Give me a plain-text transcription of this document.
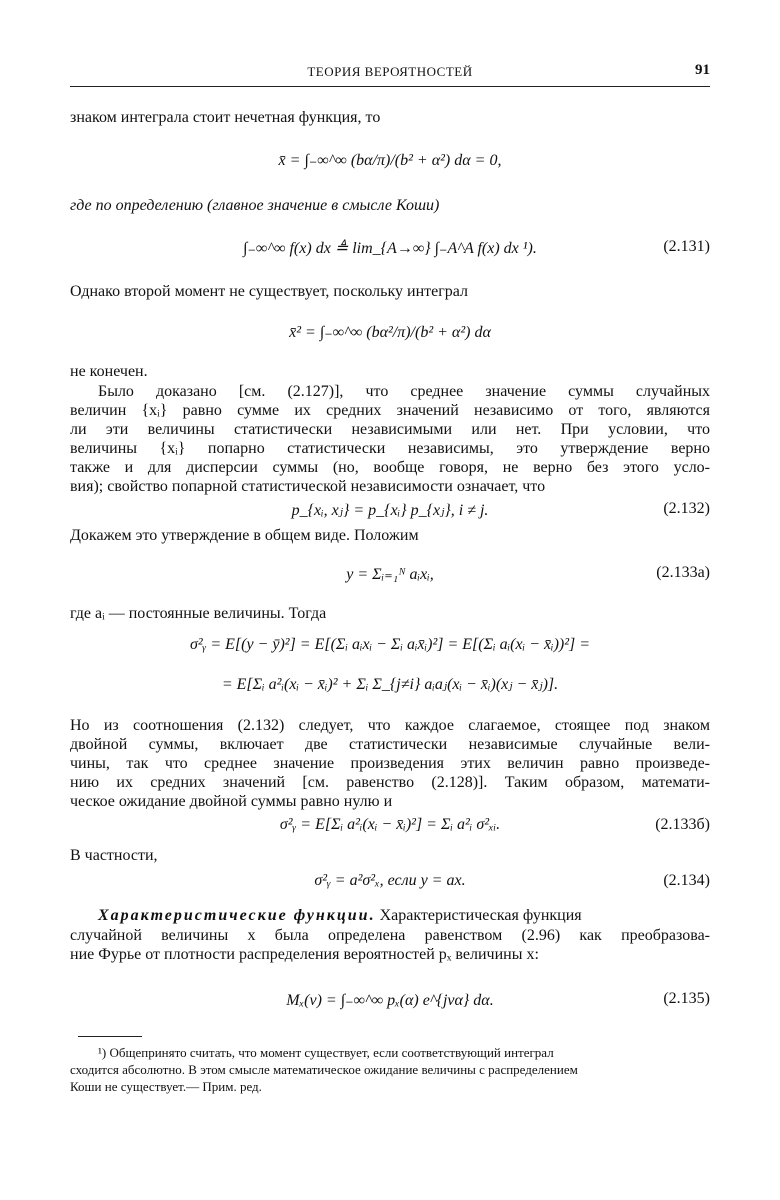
ТЕОРИЯ ВЕРОЯТНОСТЕЙ	91
знаком интеграла стоит нечетная функция, то
x̄ = ∫₋∞^∞ (bα/π)/(b² + α²) dα = 0,
где по определению (главное значение в смысле Коши)
∫₋∞^∞ f(x) dx ≜ lim_{A→∞} ∫₋A^A f(x) dx ¹).	(2.131)
Однако второй момент не существует, поскольку интеграл
x̄² = ∫₋∞^∞ (bα²/π)/(b² + α²) dα
не конечен.
Было доказано [см. (2.127)], что среднее значение суммы случайных
величин {xᵢ} равно сумме их средних значений независимо от того, являются
ли эти величины статистически независимыми или нет. При условии, что
величины {xᵢ} попарно статистически независимы, это утверждение верно
также и для дисперсии суммы (но, вообще говоря, не верно без этого усло-
вия); свойство попарной статистической независимости означает, что
p_{xᵢ, xⱼ} = p_{xᵢ} p_{xⱼ}, i ≠ j.	(2.132)
Докажем это утверждение в общем виде. Положим
y = Σᵢ₌₁ᴺ aᵢxᵢ,	(2.133а)
где aᵢ — постоянные величины. Тогда
σ²ᵧ = E[(y − ȳ)²] = E[(Σᵢ aᵢxᵢ − Σᵢ aᵢx̄ᵢ)²] = E[(Σᵢ aᵢ(xᵢ − x̄ᵢ))²] =
= E[Σᵢ a²ᵢ(xᵢ − x̄ᵢ)² + Σᵢ Σ_{j≠i} aᵢaⱼ(xᵢ − x̄ᵢ)(xⱼ − x̄ⱼ)].
Но из соотношения (2.132) следует, что каждое слагаемое, стоящее под знаком
двойной суммы, включает две статистически независимые случайные вели-
чины, так что среднее значение произведения этих величин равно произведе-
нию их средних значений [см. равенство (2.128)]. Таким образом, математи-
ческое ожидание двойной суммы равно нулю и
σ²ᵧ = E[Σᵢ a²ᵢ(xᵢ − x̄ᵢ)²] = Σᵢ a²ᵢ σ²ₓᵢ.	(2.133б)
В частности,
σ²ᵧ = a²σ²ₓ, если y = ax.	(2.134)
Характеристические функции. Характеристическая функция
случайной величины x была определена равенством (2.96) как преобразова-
ние Фурье от плотности распределения вероятностей pₓ величины x:
Mₓ(ν) = ∫₋∞^∞ pₓ(α) e^{jνα} dα.	(2.135)
¹) Общепринято считать, что момент существует, если соответствующий интеграл
сходится абсолютно. В этом смысле математическое ожидание величины с распределением
Коши не существует.— Прим. ред.
